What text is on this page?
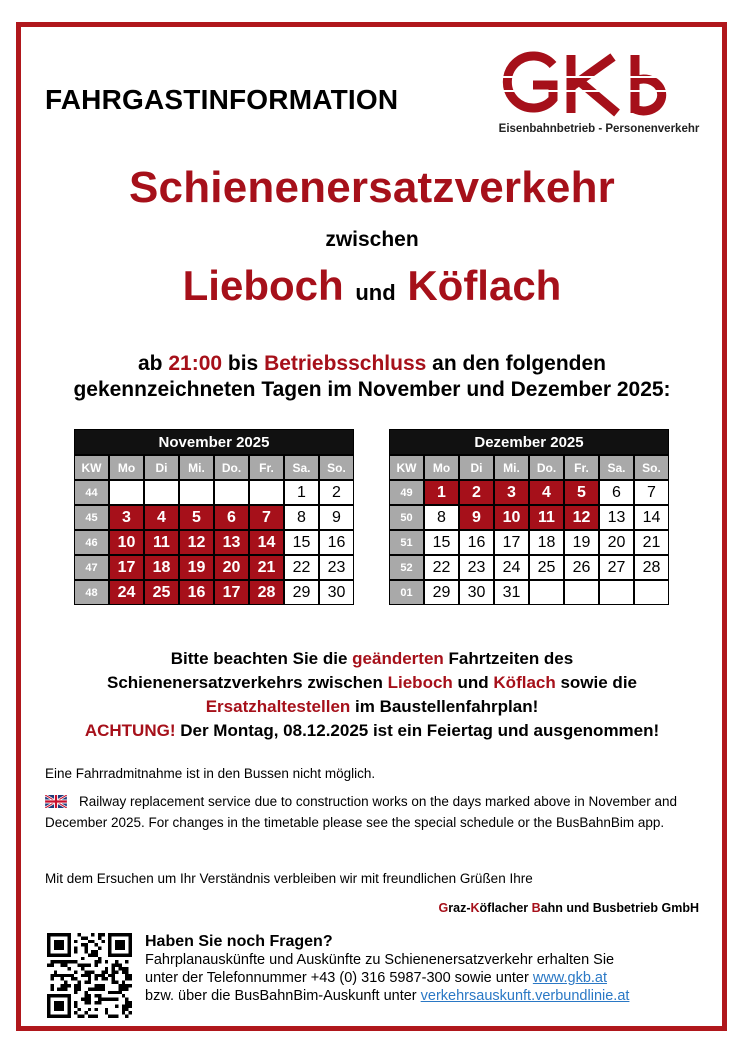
FAHRGASTINFORMATION
Eisenbahnbetrieb - Personenverkehr
Schienenersatzverkehr
zwischen
Lieboch und Köflach
ab 21:00 bis Betriebsschluss an den folgenden
gekennzeichneten Tagen im November und Dezember 2025:
November 2025							
KW	Mo	Di	Mi.	Do.	Fr.	Sa.	So.
44						1	2
45	3	4	5	6	7	8	9
46	10	11	12	13	14	15	16
47	17	18	19	20	21	22	23
48	24	25	16	17	28	29	30
Dezember 2025							
KW	Mo	Di	Mi.	Do.	Fr.	Sa.	So.
49	1	2	3	4	5	6	7
50	8	9	10	11	12	13	14
51	15	16	17	18	19	20	21
52	22	23	24	25	26	27	28
01	29	30	31				
Bitte beachten Sie die geänderten Fahrtzeiten des
Schienenersatzverkehrs zwischen Lieboch und Köflach sowie die
Ersatzhaltestellen im Baustellenfahrplan!
ACHTUNG! Der Montag, 08.12.2025 ist ein Feiertag und ausgenommen!
Eine Fahrradmitnahme ist in den Bussen nicht möglich.
Railway replacement service due to construction works on the days marked above in November and December 2025. For changes in the timetable please see the special schedule or the BusBahnBim app.
Mit dem Ersuchen um Ihr Verständnis verbleiben wir mit freundlichen Grüßen Ihre
Graz-Köflacher Bahn und Busbetrieb GmbH
Haben Sie noch Fragen?
Fahrplanauskünfte und Auskünfte zu Schienenersatzverkehr erhalten Sie
unter der Telefonnummer +43 (0) 316 5987-300 sowie unter www.gkb.at
bzw. über die BusBahnBim-Auskunft unter verkehrsauskunft.verbundlinie.at
